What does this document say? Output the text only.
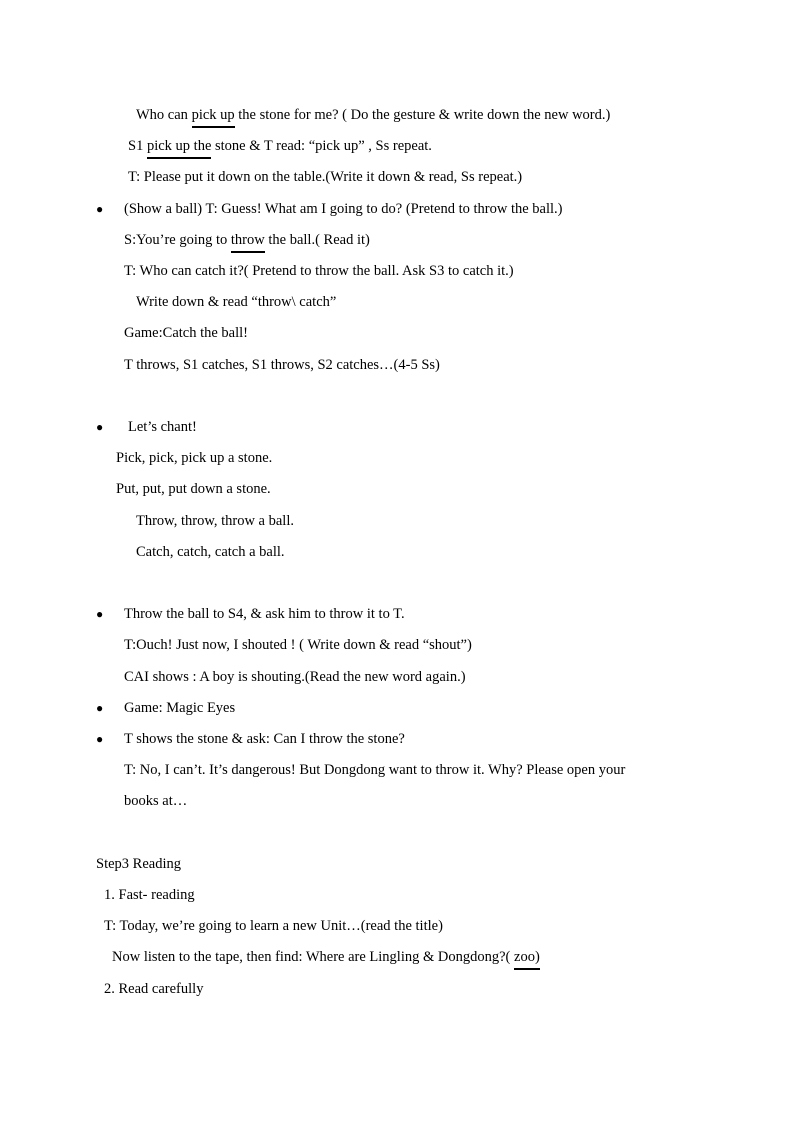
Who can pick up the stone for me? ( Do the gesture & write down the new word.)
S1 pick up the stone & T read: “pick up” , Ss repeat.
T: Please put it down on the table.(Write it down & read, Ss repeat.)
● (Show a ball) T: Guess! What am I going to do? (Pretend to throw the ball.)
S:You’re going to throw the ball.( Read it)
T: Who can catch it?( Pretend to throw the ball. Ask S3 to catch it.)
Write down & read “throw\ catch”
Game:Catch the ball!
T throws, S1 catches, S1 throws, S2 catches…(4-5 Ss)
● Let’s chant!
Pick, pick, pick up a stone.
Put, put, put down a stone.
Throw, throw, throw a ball.
Catch, catch, catch a ball.
● Throw the ball to S4, & ask him to throw it to T.
T:Ouch! Just now, I shouted ! ( Write down & read “shout”)
CAI shows : A boy is shouting.(Read the new word again.)
● Game: Magic Eyes
● T shows the stone & ask: Can I throw the stone?
T: No, I can’t. It’s dangerous! But Dongdong want to throw it. Why? Please open your
books at…
Step3 Reading
1. Fast- reading
T: Today, we’re going to learn a new Unit…(read the title)
Now listen to the tape, then find: Where are Lingling & Dongdong?( zoo)
2. Read carefully
